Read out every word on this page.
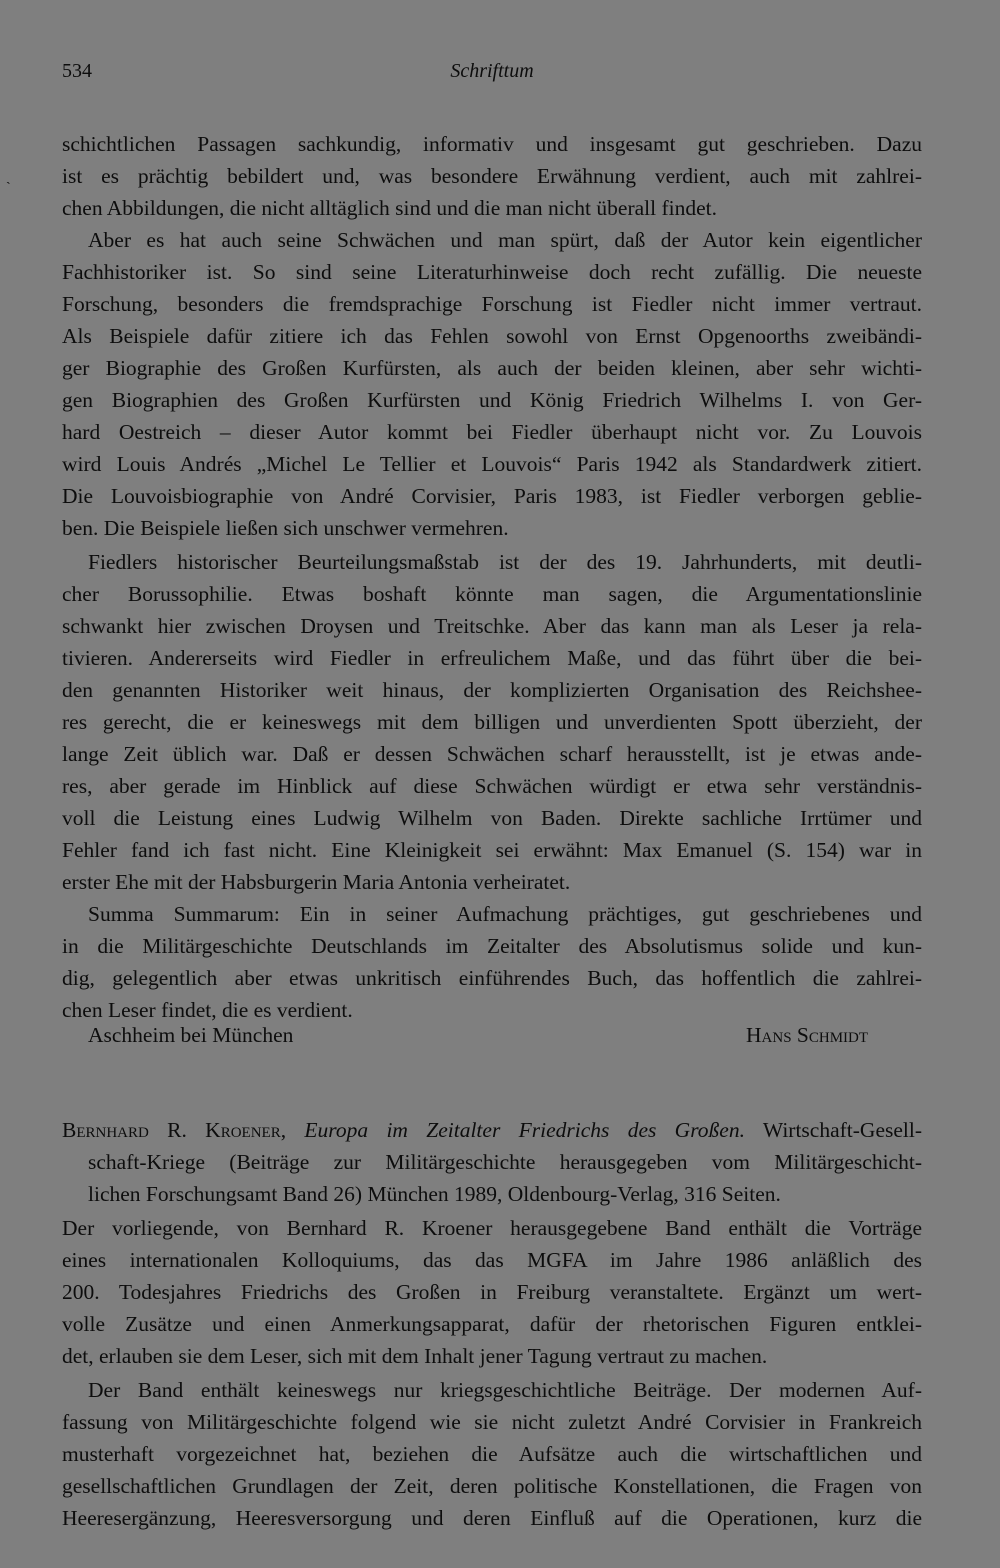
534	Schrifttum
ˎ
schichtlichen Passagen sachkundig, informativ und insgesamt gut geschrieben. Dazu
ist es prächtig bebildert und, was besondere Erwähnung verdient, auch mit zahlrei-
chen Abbildungen, die nicht alltäglich sind und die man nicht überall findet.
Aber es hat auch seine Schwächen und man spürt, daß der Autor kein eigentlicher
Fachhistoriker ist. So sind seine Literaturhinweise doch recht zufällig. Die neueste
Forschung, besonders die fremdsprachige Forschung ist Fiedler nicht immer vertraut.
Als Beispiele dafür zitiere ich das Fehlen sowohl von Ernst Opgenoorths zweibändi-
ger Biographie des Großen Kurfürsten, als auch der beiden kleinen, aber sehr wichti-
gen Biographien des Großen Kurfürsten und König Friedrich Wilhelms I. von Ger-
hard Oestreich – dieser Autor kommt bei Fiedler überhaupt nicht vor. Zu Louvois
wird Louis Andrés „Michel Le Tellier et Louvois“ Paris 1942 als Standardwerk zitiert.
Die Louvoisbiographie von André Corvisier, Paris 1983, ist Fiedler verborgen geblie-
ben. Die Beispiele ließen sich unschwer vermehren.
Fiedlers historischer Beurteilungsmaßstab ist der des 19. Jahrhunderts, mit deutli-
cher Borussophilie. Etwas boshaft könnte man sagen, die Argumentationslinie
schwankt hier zwischen Droysen und Treitschke. Aber das kann man als Leser ja rela-
tivieren. Andererseits wird Fiedler in erfreulichem Maße, und das führt über die bei-
den genannten Historiker weit hinaus, der komplizierten Organisation des Reichshee-
res gerecht, die er keineswegs mit dem billigen und unverdienten Spott überzieht, der
lange Zeit üblich war. Daß er dessen Schwächen scharf herausstellt, ist je etwas ande-
res, aber gerade im Hinblick auf diese Schwächen würdigt er etwa sehr verständnis-
voll die Leistung eines Ludwig Wilhelm von Baden. Direkte sachliche Irrtümer und
Fehler fand ich fast nicht. Eine Kleinigkeit sei erwähnt: Max Emanuel (S. 154) war in
erster Ehe mit der Habsburgerin Maria Antonia verheiratet.
Summa Summarum: Ein in seiner Aufmachung prächtiges, gut geschriebenes und
in die Militärgeschichte Deutschlands im Zeitalter des Absolutismus solide und kun-
dig, gelegentlich aber etwas unkritisch einführendes Buch, das hoffentlich die zahlrei-
chen Leser findet, die es verdient.
Aschheim bei München	Hans Schmidt
Bernhard R. Kroener, Europa im Zeitalter Friedrichs des Großen. Wirtschaft-Gesell-
schaft-Kriege (Beiträge zur Militärgeschichte herausgegeben vom Militärgeschicht-
lichen Forschungsamt Band 26) München 1989, Oldenbourg-Verlag, 316 Seiten.
Der vorliegende, von Bernhard R. Kroener herausgegebene Band enthält die Vorträge
eines internationalen Kolloquiums, das das MGFA im Jahre 1986 anläßlich des
200. Todesjahres Friedrichs des Großen in Freiburg veranstaltete. Ergänzt um wert-
volle Zusätze und einen Anmerkungsapparat, dafür der rhetorischen Figuren entklei-
det, erlauben sie dem Leser, sich mit dem Inhalt jener Tagung vertraut zu machen.
Der Band enthält keineswegs nur kriegsgeschichtliche Beiträge. Der modernen Auf-
fassung von Militärgeschichte folgend wie sie nicht zuletzt André Corvisier in Frankreich
musterhaft vorgezeichnet hat, beziehen die Aufsätze auch die wirtschaftlichen und
gesellschaftlichen Grundlagen der Zeit, deren politische Konstellationen, die Fragen von
Heeresergänzung, Heeresversorgung und deren Einfluß auf die Operationen, kurz die
